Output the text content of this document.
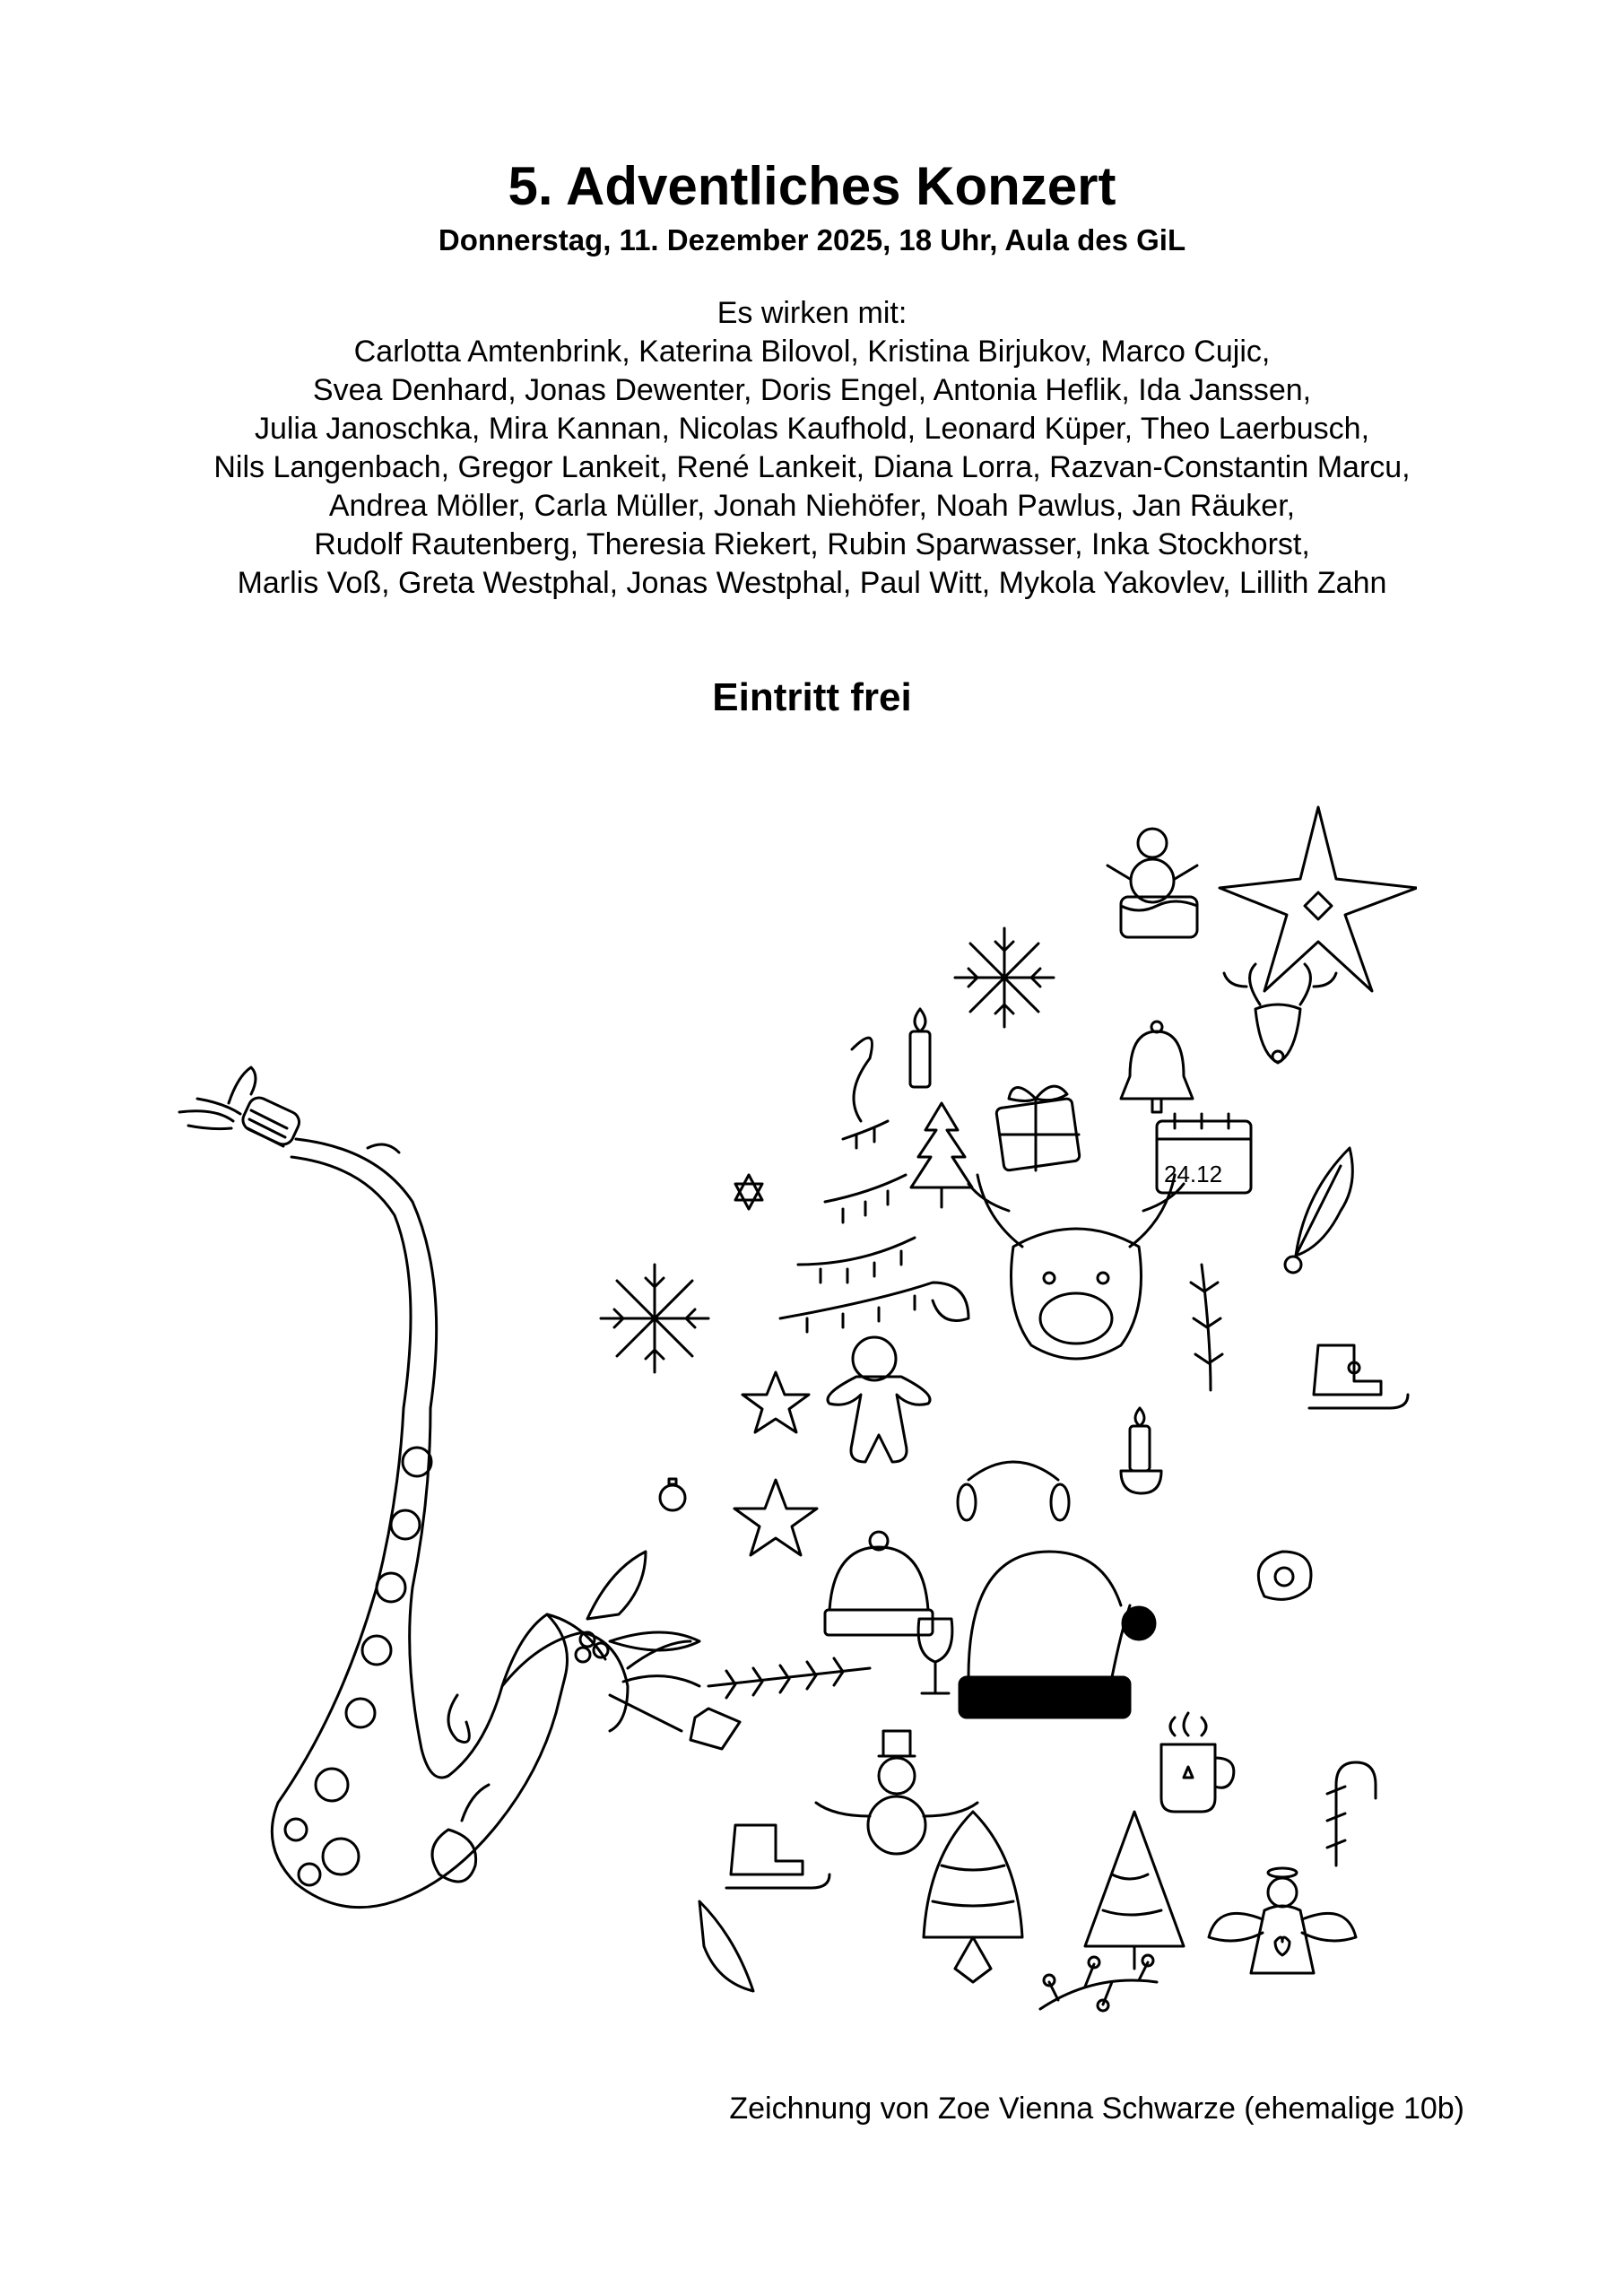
5. Adventliches Konzert
Donnerstag, 11. Dezember 2025, 18 Uhr, Aula des GiL
Es wirken mit:
Carlotta Amtenbrink, Katerina Bilovol, Kristina Birjukov, Marco Cujic,
Svea Denhard, Jonas Dewenter, Doris Engel, Antonia Heflik, Ida Janssen,
Julia Janoschka, Mira Kannan, Nicolas Kaufhold, Leonard Küper, Theo Laerbusch,
Nils Langenbach, Gregor Lankeit, René Lankeit, Diana Lorra, Razvan-Constantin Marcu,
Andrea Möller, Carla Müller, Jonah Niehöfer, Noah Pawlus, Jan Räuker,
Rudolf Rautenberg, Theresia Riekert, Rubin Sparwasser, Inka Stockhorst,
Marlis Voß, Greta Westphal, Jonas Westphal, Paul Witt, Mykola Yakovlev, Lillith Zahn
Eintritt frei
24.12
Zeichnung von Zoe Vienna Schwarze (ehemalige 10b)
